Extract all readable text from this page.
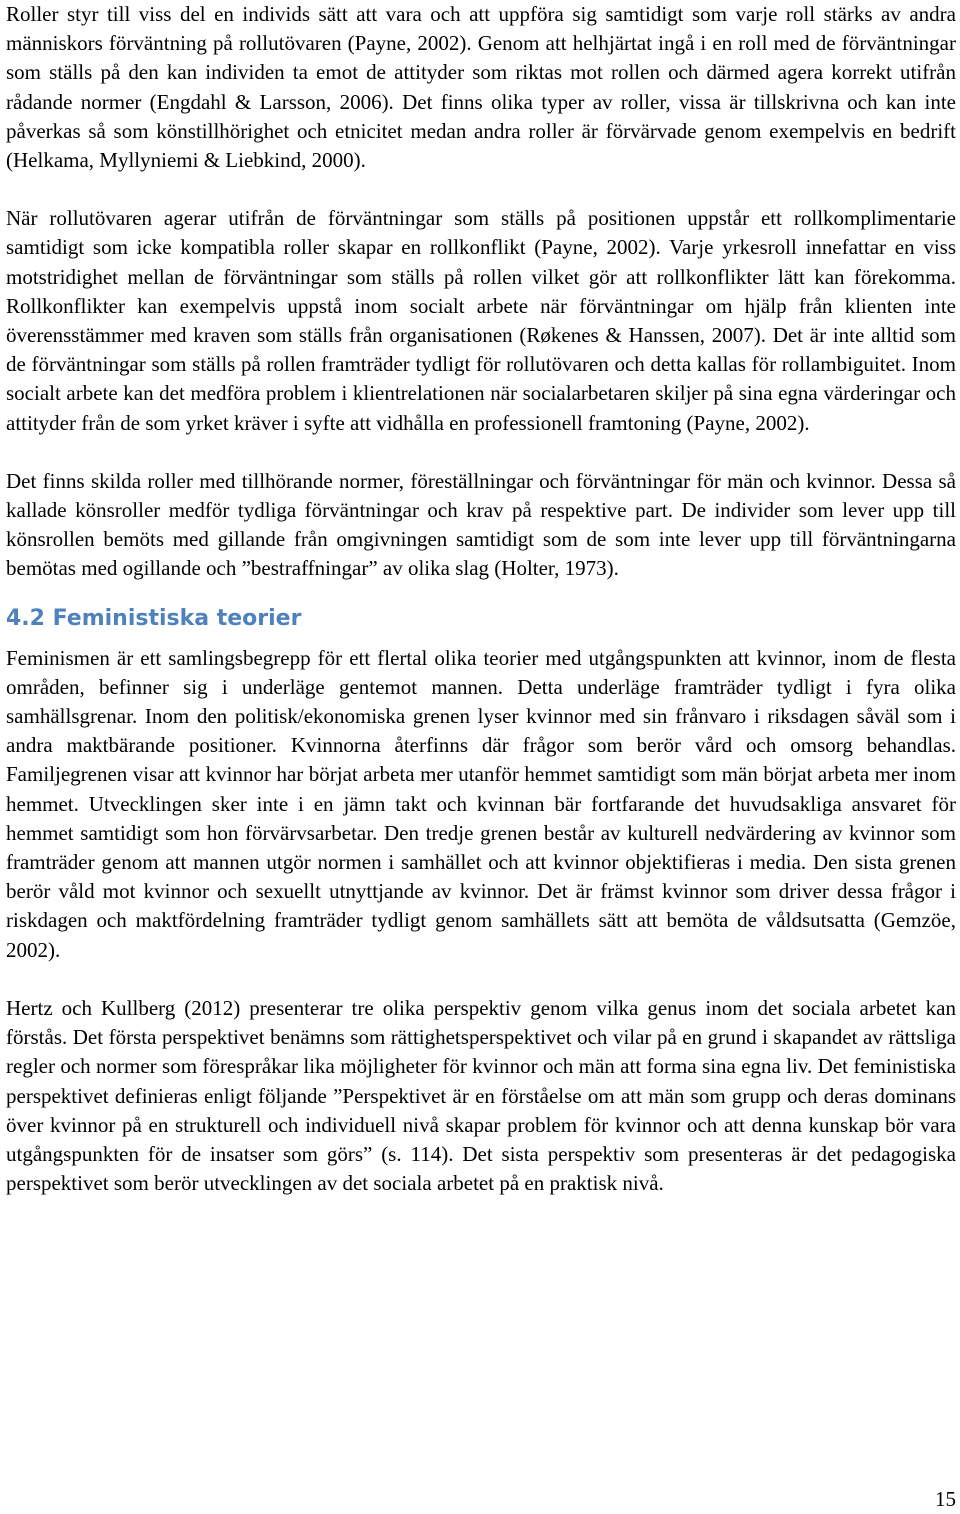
Roller styr till viss del en individs sätt att vara och att uppföra sig samtidigt som varje roll stärks av andra människors förväntning på rollutövaren (Payne, 2002). Genom att helhjärtat ingå i en roll med de förväntningar som ställs på den kan individen ta emot de attityder som riktas mot rollen och därmed agera korrekt utifrån rådande normer (Engdahl & Larsson, 2006). Det finns olika typer av roller, vissa är tillskrivna och kan inte påverkas så som könstillhörighet och etnicitet medan andra roller är förvärvade genom exempelvis en bedrift (Helkama, Myllyniemi & Liebkind, 2000).

När rollutövaren agerar utifrån de förväntningar som ställs på positionen uppstår ett rollkomplimentarie samtidigt som icke kompatibla roller skapar en rollkonflikt (Payne, 2002). Varje yrkesroll innefattar en viss motstridighet mellan de förväntningar som ställs på rollen vilket gör att rollkonflikter lätt kan förekomma. Rollkonflikter kan exempelvis uppstå inom socialt arbete när förväntningar om hjälp från klienten inte överensstämmer med kraven som ställs från organisationen (Røkenes & Hanssen, 2007). Det är inte alltid som de förväntningar som ställs på rollen framträder tydligt för rollutövaren och detta kallas för rollambiguitet. Inom socialt arbete kan det medföra problem i klientrelationen när socialarbetaren skiljer på sina egna värderingar och attityder från de som yrket kräver i syfte att vidhålla en professionell framtoning (Payne, 2002).

Det finns skilda roller med tillhörande normer, föreställningar och förväntningar för män och kvinnor. Dessa så kallade könsroller medför tydliga förväntningar och krav på respektive part. De individer som lever upp till könsrollen bemöts med gillande från omgivningen samtidigt som de som inte lever upp till förväntningarna bemötas med ogillande och ”bestraffningar” av olika slag (Holter, 1973).

4.2 Feministiska teorier

Feminismen är ett samlingsbegrepp för ett flertal olika teorier med utgångspunkten att kvinnor, inom de flesta områden, befinner sig i underläge gentemot mannen. Detta underläge framträder tydligt i fyra olika samhällsgrenar. Inom den politisk/ekonomiska grenen lyser kvinnor med sin frånvaro i riksdagen såväl som i andra maktbärande positioner. Kvinnorna återfinns där frågor som berör vård och omsorg behandlas. Familjegrenen visar att kvinnor har börjat arbeta mer utanför hemmet samtidigt som män börjat arbeta mer inom hemmet. Utvecklingen sker inte i en jämn takt och kvinnan bär fortfarande det huvudsakliga ansvaret för hemmet samtidigt som hon förvärvsarbetar. Den tredje grenen består av kulturell nedvärdering av kvinnor som framträder genom att mannen utgör normen i samhället och att kvinnor objektifieras i media. Den sista grenen berör våld mot kvinnor och sexuellt utnyttjande av kvinnor. Det är främst kvinnor som driver dessa frågor i riskdagen och maktfördelning framträder tydligt genom samhällets sätt att bemöta de våldsutsatta (Gemzöe, 2002).

Hertz och Kullberg (2012) presenterar tre olika perspektiv genom vilka genus inom det sociala arbetet kan förstås. Det första perspektivet benämns som rättighetsperspektivet och vilar på en grund i skapandet av rättsliga regler och normer som förespråkar lika möjligheter för kvinnor och män att forma sina egna liv. Det feministiska perspektivet definieras enligt följande ”Perspektivet är en förståelse om att män som grupp och deras dominans över kvinnor på en strukturell och individuell nivå skapar problem för kvinnor och att denna kunskap bör vara utgångspunkten för de insatser som görs” (s. 114). Det sista perspektiv som presenteras är det pedagogiska perspektivet som berör utvecklingen av det sociala arbetet på en praktisk nivå.

15
